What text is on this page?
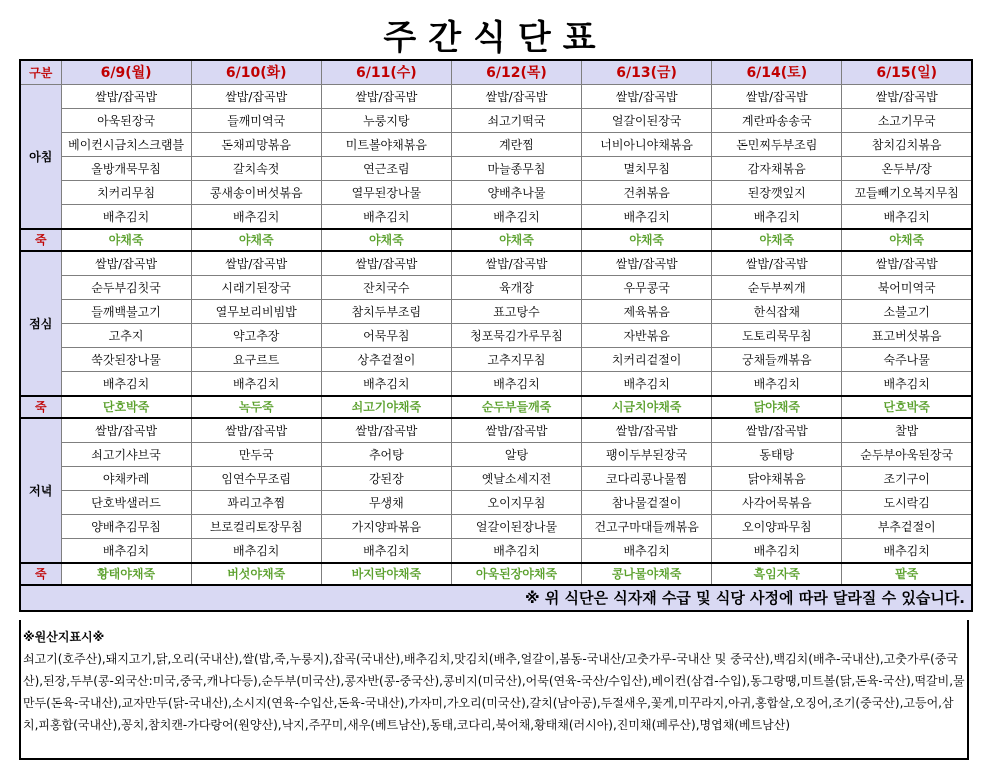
주간식단표
구분	6/9(월)	6/10(화)	6/11(수)	6/12(목)	6/13(금)	6/14(토)	6/15(일)
아침	쌀밥/잡곡밥	쌀밥/잡곡밥	쌀밥/잡곡밥	쌀밥/잡곡밥	쌀밥/잡곡밥	쌀밥/잡곡밥	쌀밥/잡곡밥
	아욱된장국	들깨미역국	누룽지탕	쇠고기떡국	얼갈이된장국	계란파송송국	소고기무국
	베이컨시금치스크램블	돈채피망볶음	미트볼야채볶음	계란찜	너비아니야채볶음	돈민찌두부조림	참치김치볶음
	올방개묵무침	갈치속젓	연근조림	마늘종무침	멸치무침	감자채볶음	온두부/장
	치커리무침	콩새송이버섯볶음	열무된장나물	양배추나물	건취볶음	된장깻잎지	꼬들빼기오복지무침
	배추김치	배추김치	배추김치	배추김치	배추김치	배추김치	배추김치
죽	야채죽	야채죽	야채죽	야채죽	야채죽	야채죽	야채죽
점심	쌀밥/잡곡밥	쌀밥/잡곡밥	쌀밥/잡곡밥	쌀밥/잡곡밥	쌀밥/잡곡밥	쌀밥/잡곡밥	쌀밥/잡곡밥
	순두부김칫국	시래기된장국	잔치국수	육개장	우무콩국	순두부찌개	북어미역국
	들깨백불고기	열무보리비빔밥	참치두부조림	표고탕수	제육볶음	한식잡채	소불고기
	고추지	약고추장	어묵무침	청포묵김가루무침	자반볶음	도토리묵무침	표고버섯볶음
	쑥갓된장나물	요구르트	상추겉절이	고추지무침	치커리겉절이	궁채들깨볶음	숙주나물
	배추김치	배추김치	배추김치	배추김치	배추김치	배추김치	배추김치
죽	단호박죽	녹두죽	쇠고기야채죽	순두부들깨죽	시금치야채죽	닭야채죽	단호박죽
저녁	쌀밥/잡곡밥	쌀밥/잡곡밥	쌀밥/잡곡밥	쌀밥/잡곡밥	쌀밥/잡곡밥	쌀밥/잡곡밥	찰밥
	쇠고기샤브국	만두국	추어탕	알탕	팽이두부된장국	동태탕	순두부아욱된장국
	야채카레	임연수무조림	강된장	옛날소세지전	코다리콩나물찜	닭야채볶음	조기구이
	단호박샐러드	꽈리고추찜	무생채	오이지무침	참나물겉절이	사각어묵볶음	도시락김
	양배추김무침	브로컬리토장무침	가지양파볶음	얼갈이된장나물	건고구마대들깨볶음	오이양파무침	부추겉절이
	배추김치	배추김치	배추김치	배추김치	배추김치	배추김치	배추김치
죽	황태야채죽	버섯야채죽	바지락야채죽	아욱된장야채죽	콩나물야채죽	흑임자죽	팥죽
※ 위 식단은 식자재 수급 및 식당 사정에 따라 달라질 수 있습니다.							
※원산지표시※
쇠고기(호주산),돼지고기,닭,오리(국내산),쌀(밥,죽,누룽지),잡곡(국내산),배추김치,맛김치(배추,얼갈이,봄동-국내산/고춧가루-국내산 및 중국산),백김치(배추-국내산),고춧가루(중국산),된장,두부(콩-외국산:미국,중국,캐나다등),순두부(미국산),콩자반(콩-중국산),콩비지(미국산),어묵(연육-국산/수입산),베이컨(삼겹-수입),동그랑땡,미트볼(닭,돈육-국산),떡갈비,물만두(돈육-국내산),교자만두(닭-국내산),소시지(연육-수입산,돈육-국내산),가자미,가오리(미국산),갈치(남아공),두절새우,꽃게,미꾸라지,아귀,홍합살,오징어,조기(중국산),고등어,삼치,피홍합(국내산),꽁치,참치캔-가다랑어(원양산),낙지,주꾸미,새우(베트남산),동태,코다리,북어채,황태채(러시아),진미채(페루산),명엽채(베트남산)
